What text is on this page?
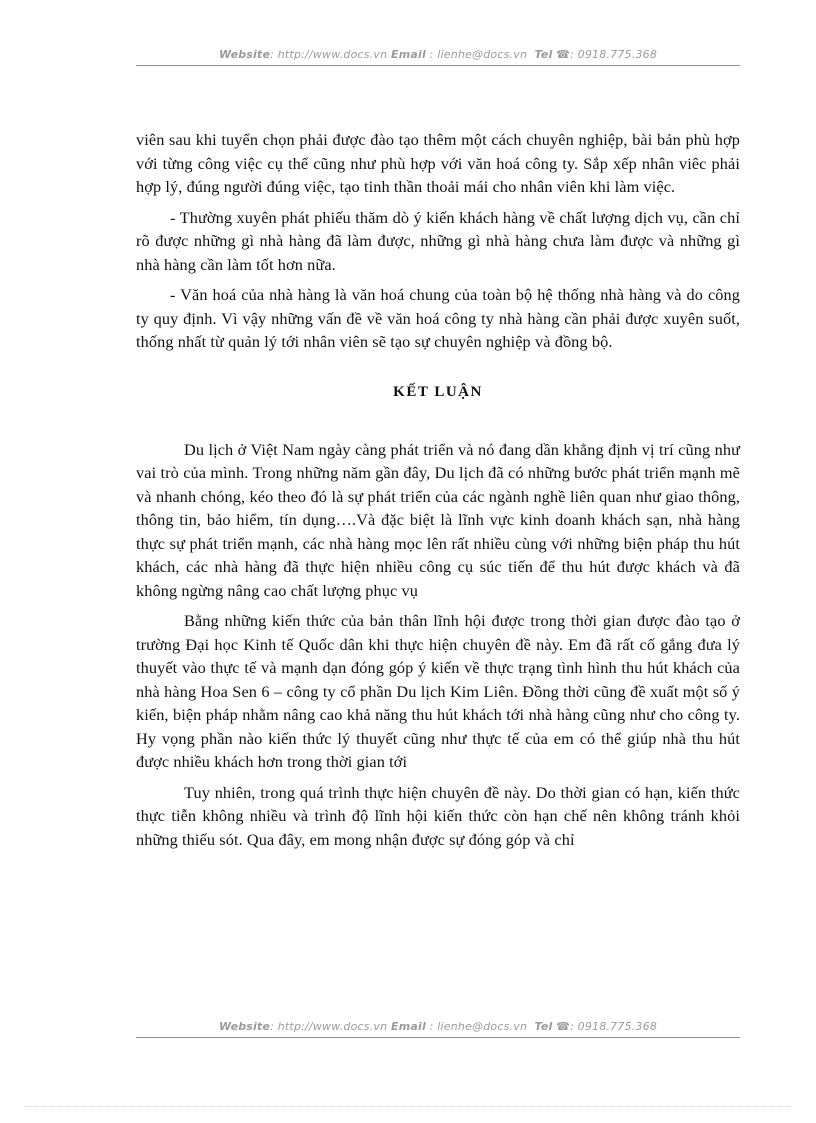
Website: http://www.docs.vn Email : lienhe@docs.vn Tel ☎: 0918.775.368

viên sau khi tuyển chọn phải được đào tạo thêm một cách chuyên nghiệp, bài bản phù hợp với từng công việc cụ thể cũng như phù hợp với văn hoá công ty. Sắp xếp nhân viêc phải hợp lý, đúng người đúng việc, tạo tinh thần thoải mái cho nhân viên khi làm việc.

- Thường xuyên phát phiếu thăm dò ý kiến khách hàng về chất lượng dịch vụ, cần chỉ rõ được những gì nhà hàng đã làm được, những gì nhà hàng chưa làm được và những gì nhà hàng cần làm tốt hơn nữa.

- Văn hoá của nhà hàng là văn hoá chung của toàn bộ hệ thống nhà hàng và do công ty quy định. Vì vậy những vấn đề về văn hoá công ty nhà hàng cần phải được xuyên suốt, thống nhất từ quản lý tới nhân viên sẽ tạo sự chuyên nghiệp và đồng bộ.

KẾT LUẬN

Du lịch ở Việt Nam ngày càng phát triển và nó đang dần khẳng định vị trí cũng như vai trò của mình. Trong những năm gần đây, Du lịch đã có những bước phát triển mạnh mẽ và nhanh chóng, kéo theo đó là sự phát triển của các ngành nghề liên quan như giao thông, thông tin, bảo hiểm, tín dụng….Và đặc biệt là lĩnh vực kinh doanh khách sạn, nhà hàng thực sự phát triển mạnh, các nhà hàng mọc lên rất nhiều cùng với những biện pháp thu hút khách, các nhà hàng đã thực hiện nhiều công cụ súc tiến để thu hút được khách và đã không ngừng nâng cao chất lượng phục vụ

Bằng những kiến thức của bản thân lĩnh hội được trong thời gian được đào tạo ở trường Đại học Kinh tế Quốc dân khi thực hiện chuyên đề này. Em đã rất cố gắng đưa lý thuyết vào thực tế và mạnh dạn đóng góp ý kiến về thực trạng tình hình thu hút khách của nhà hàng Hoa Sen 6 – công ty cổ phần Du lịch Kim Liên. Đồng thời cũng đề xuất một số ý kiến, biện pháp nhằm nâng cao khả năng thu hút khách tới nhà hàng cũng như cho công ty. Hy vọng phần nào kiến thức lý thuyết cũng như thực tế của em có thể giúp nhà thu hút được nhiều khách hơn trong thời gian tới

Tuy nhiên, trong quá trình thực hiện chuyên đề này. Do thời gian có hạn, kiến thức thực tiễn không nhiều và trình độ lĩnh hội kiến thức còn hạn chế nên không tránh khỏi những thiếu sót. Qua đây, em mong nhận được sự đóng góp và chỉ

Website: http://www.docs.vn Email : lienhe@docs.vn Tel ☎: 0918.775.368
